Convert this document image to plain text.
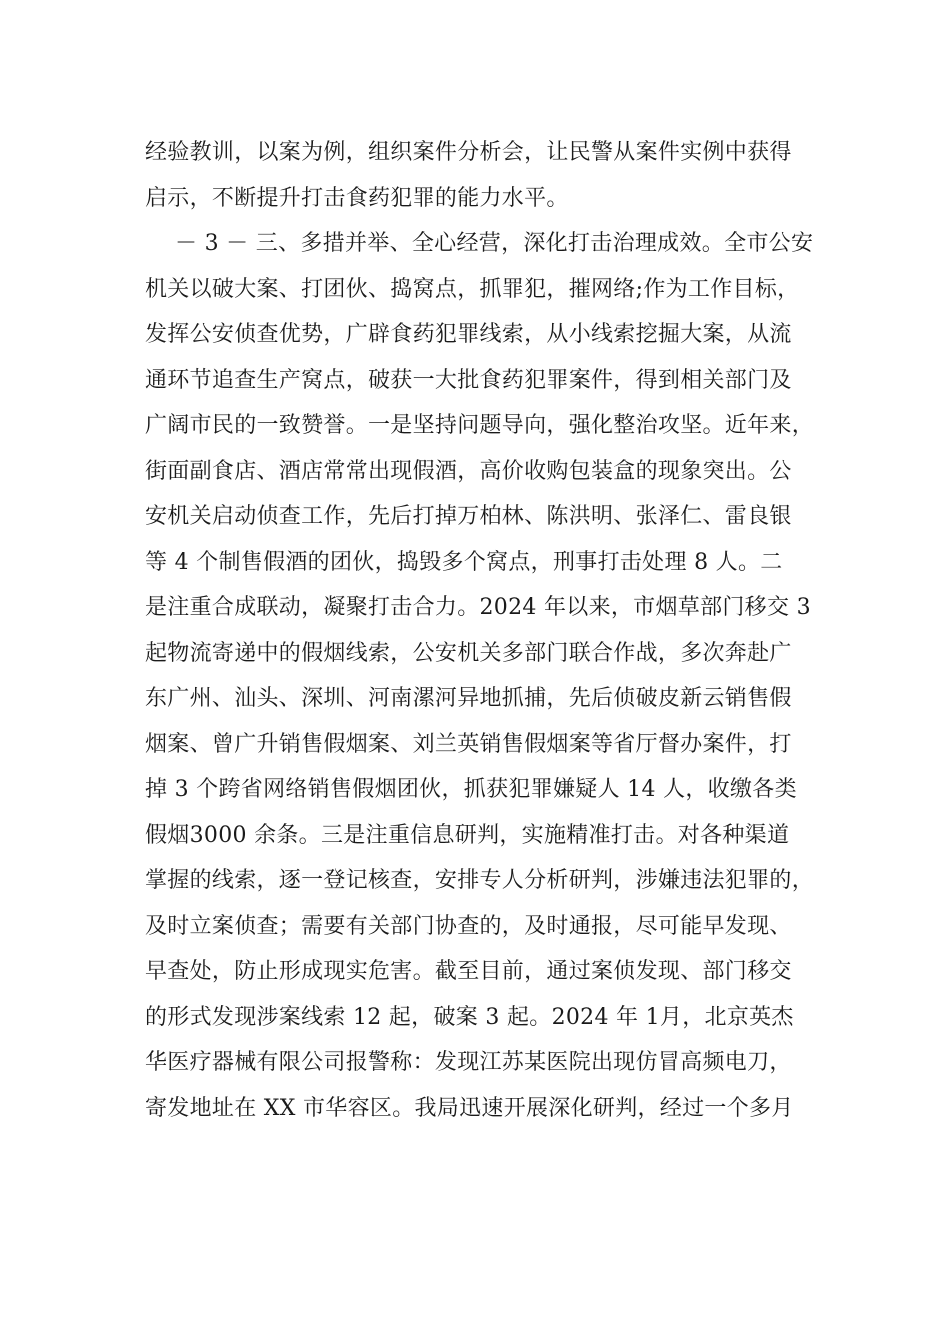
经验教训，以案为例，组织案件分析会，让民警从案件实例中获得
启示，不断提升打击食药犯罪的能力水平。
－ 3 － 三、多措并举、全心经营，深化打击治理成效。全市公安
机关以破大案、打团伙、捣窝点，抓罪犯，摧网络;作为工作目标，
发挥公安侦查优势，广辟食药犯罪线索，从小线索挖掘大案，从流
通环节追查生产窝点，破获一大批食药犯罪案件，得到相关部门及
广阔市民的一致赞誉。一是坚持问题导向，强化整治攻坚。近年来，
街面副食店、酒店常常出现假酒，高价收购包装盒的现象突出。公
安机关启动侦查工作，先后打掉万柏林、陈洪明、张泽仁、雷良银
等 4 个制售假酒的团伙，捣毁多个窝点，刑事打击处理 8 人。二
是注重合成联动，凝聚打击合力。2024 年以来，市烟草部门移交 3
起物流寄递中的假烟线索，公安机关多部门联合作战，多次奔赴广
东广州、汕头、深圳、河南漯河异地抓捕，先后侦破皮新云销售假
烟案、曾广升销售假烟案、刘兰英销售假烟案等省厅督办案件，打
掉 3 个跨省网络销售假烟团伙，抓获犯罪嫌疑人 14 人，收缴各类
假烟3000 余条。三是注重信息研判，实施精准打击。对各种渠道
掌握的线索，逐一登记核查，安排专人分析研判，涉嫌违法犯罪的，
及时立案侦查；需要有关部门协查的，及时通报，尽可能早发现、
早查处，防止形成现实危害。截至目前，通过案侦发现、部门移交
的形式发现涉案线索 12 起，破案 3 起。2024 年 1月，北京英杰
华医疗器械有限公司报警称：发现江苏某医院出现仿冒高频电刀，
寄发地址在 XX 市华容区。我局迅速开展深化研判，经过一个多月
